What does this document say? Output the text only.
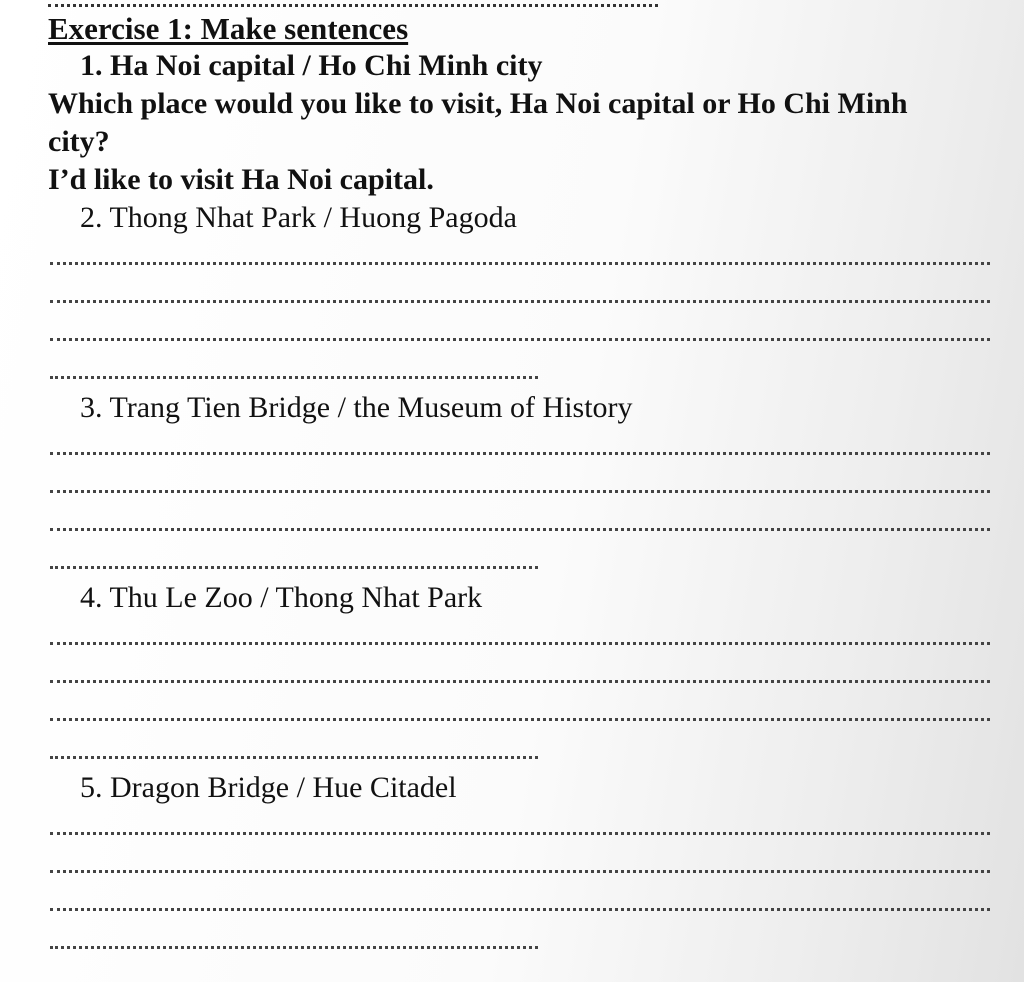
Exercise 1: Make sentences
1. Ha Noi capital / Ho Chi Minh city
Which place would you like to visit, Ha Noi capital or Ho Chi Minh
city?
I’d like to visit Ha Noi capital.
2. Thong Nhat Park / Huong Pagoda
3. Trang Tien Bridge / the Museum of History
4. Thu Le Zoo / Thong Nhat Park
5. Dragon Bridge / Hue Citadel
